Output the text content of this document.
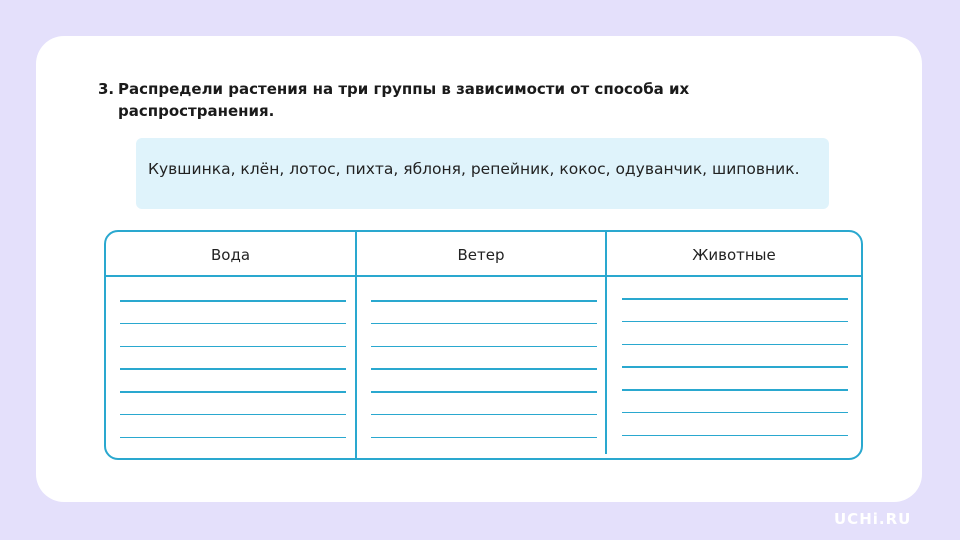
3. Распредели растения на три группы в зависимости от способа их распространения.
Кувшинка, клён, лотос, пихта, яблоня, репейник, кокос, одуванчик, шиповник.
Вода	Ветер	Животные
UCHi.RU
